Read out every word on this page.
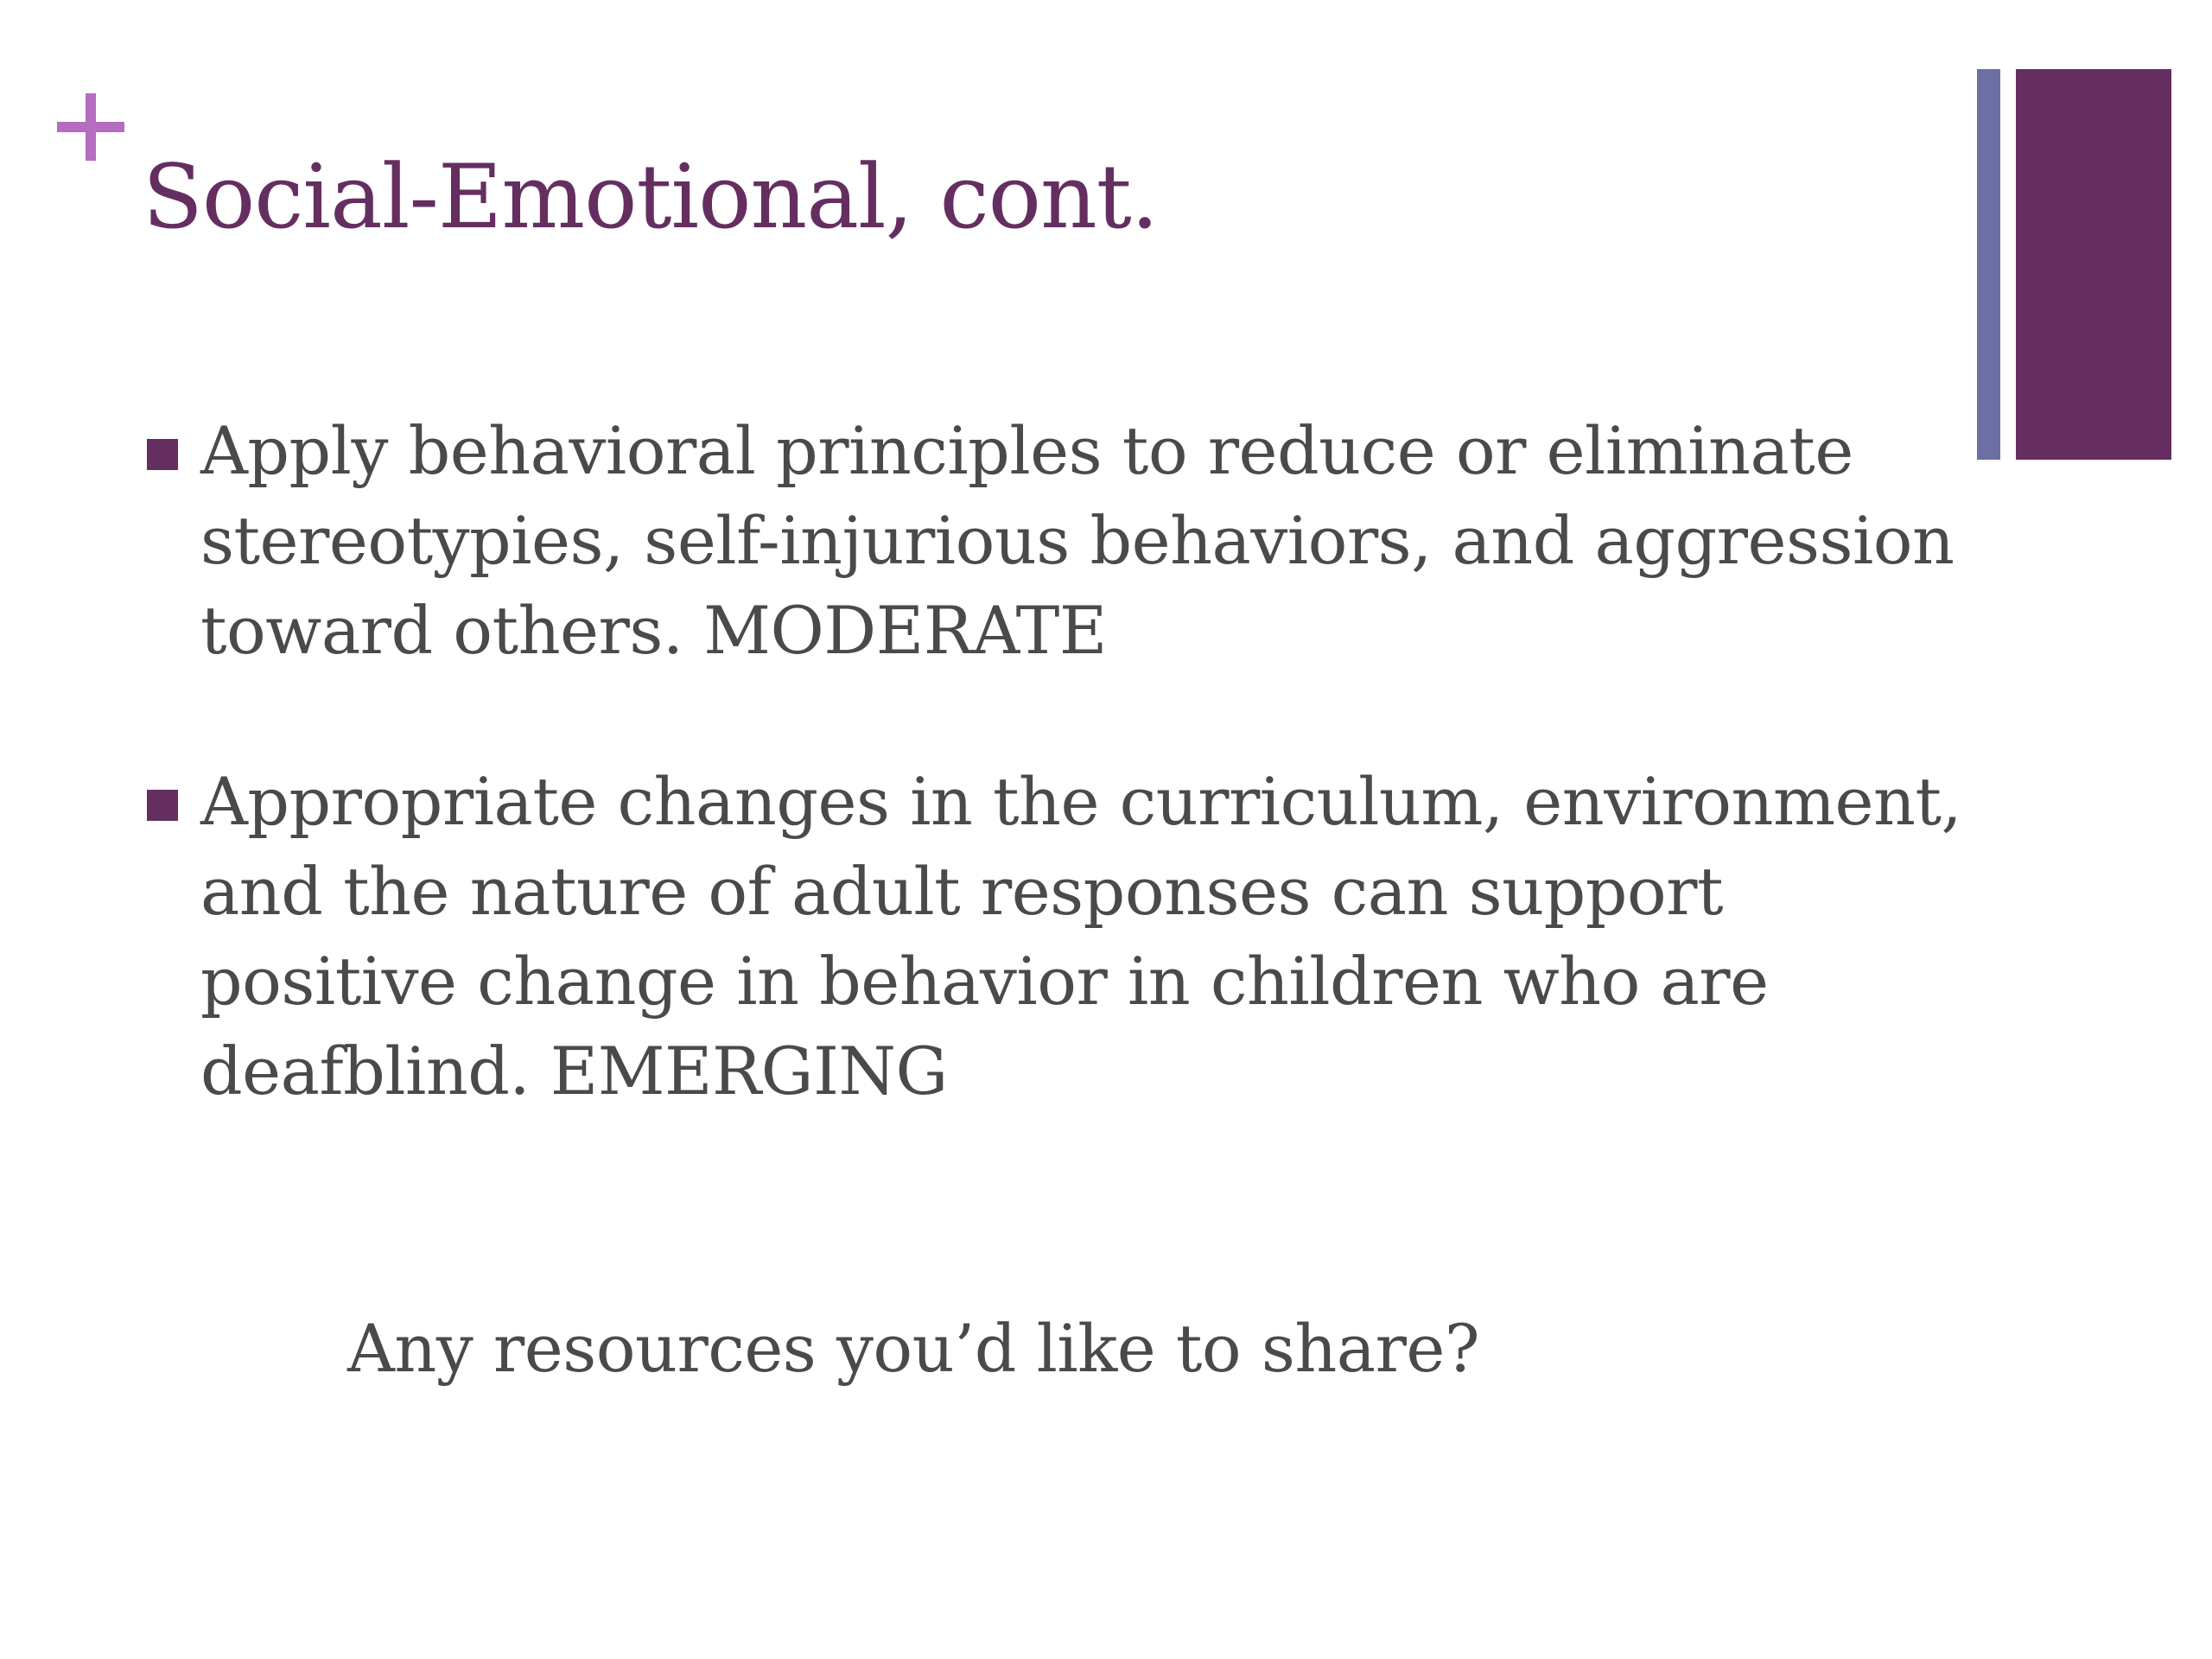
Social-Emotional, cont.
Apply behavioral principles to reduce or eliminate stereotypies, self-injurious behaviors, and aggression toward others. MODERATE
Appropriate changes in the curriculum, environment, and the nature of adult responses can support positive change in behavior in children who are deafblind. EMERGING
Any resources you’d like to share?
